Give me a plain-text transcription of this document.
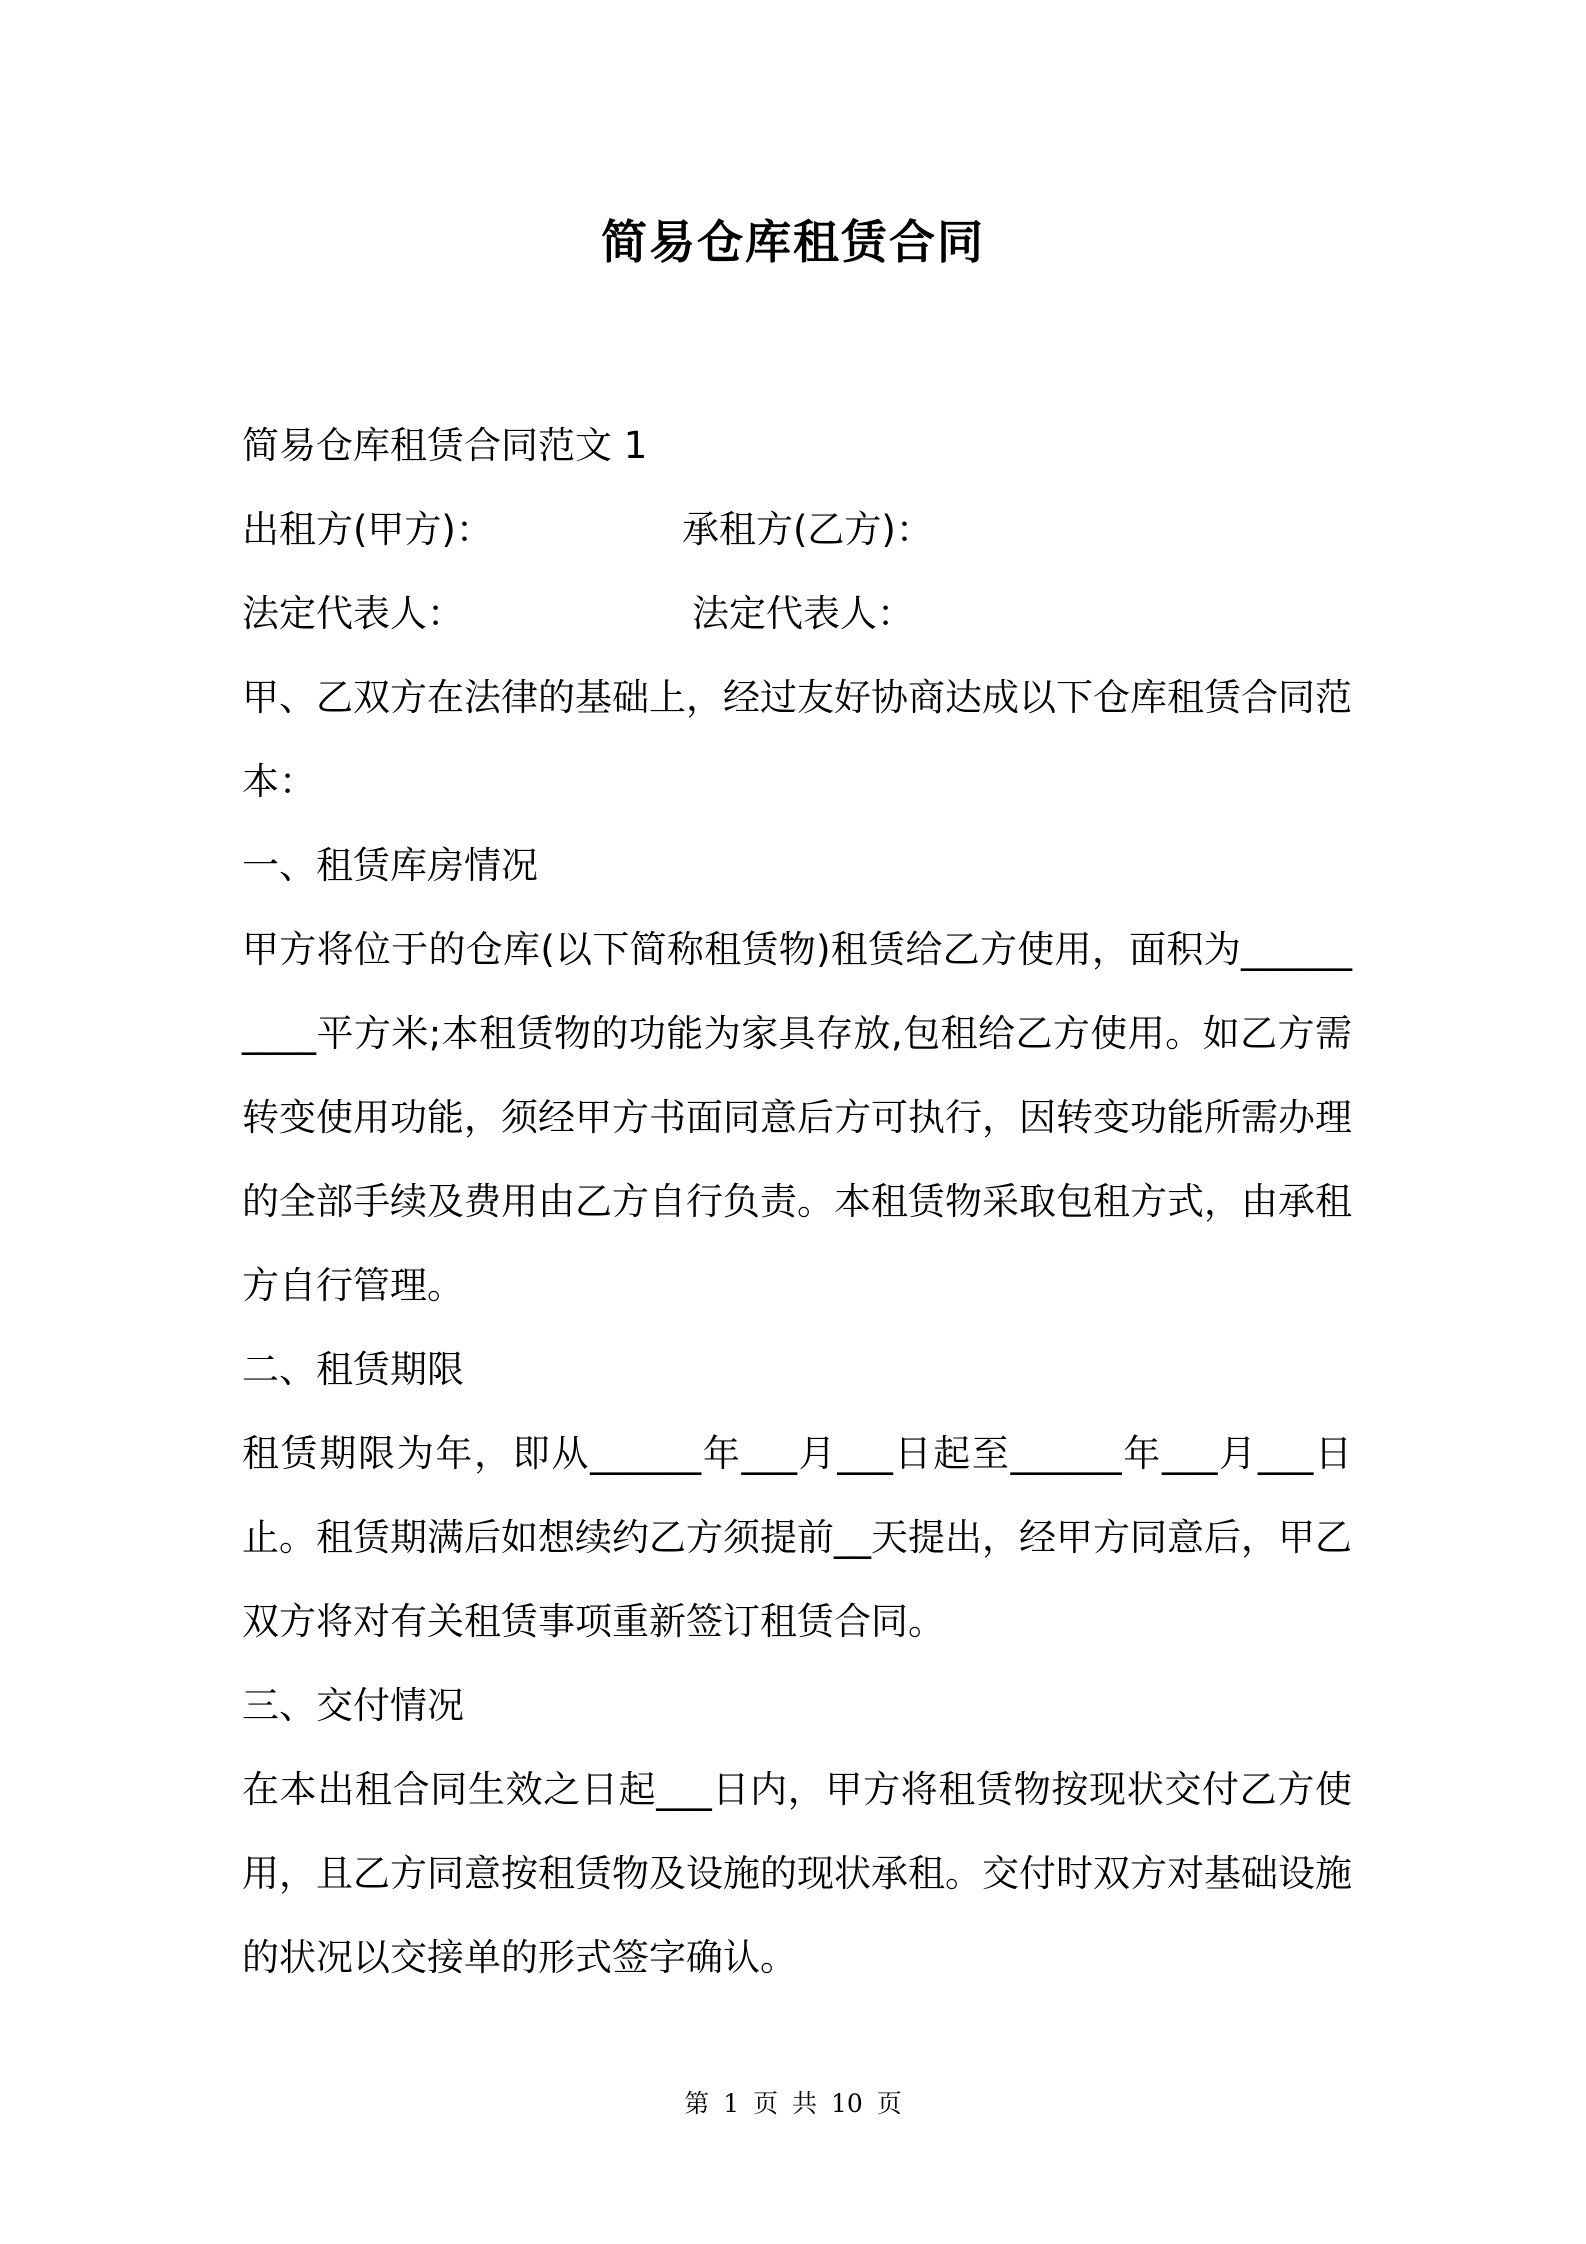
简易仓库租赁合同
简易仓库租赁合同范文 1
出租方(甲方)：	承租方(乙方)：
法定代表人：	法定代表人：
甲、乙双方在法律的基础上，经过友好协商达成以下仓库租赁合同范本：
一、租赁库房情况
甲方将位于的仓库(以下简称租赁物)租赁给乙方使用，面积为__________平方米;本租赁物的功能为家具存放,包租给乙方使用。如乙方需转变使用功能，须经甲方书面同意后方可执行，因转变功能所需办理的全部手续及费用由乙方自行负责。本租赁物采取包租方式，由承租方自行管理。
二、租赁期限
租赁期限为年，即从______年___月___日起至______年___月___日止。租赁期满后如想续约乙方须提前__天提出，经甲方同意后，甲乙双方将对有关租赁事项重新签订租赁合同。
三、交付情况
在本出租合同生效之日起___日内，甲方将租赁物按现状交付乙方使用，且乙方同意按租赁物及设施的现状承租。交付时双方对基础设施的状况以交接单的形式签字确认。
第 1 页 共 10 页
